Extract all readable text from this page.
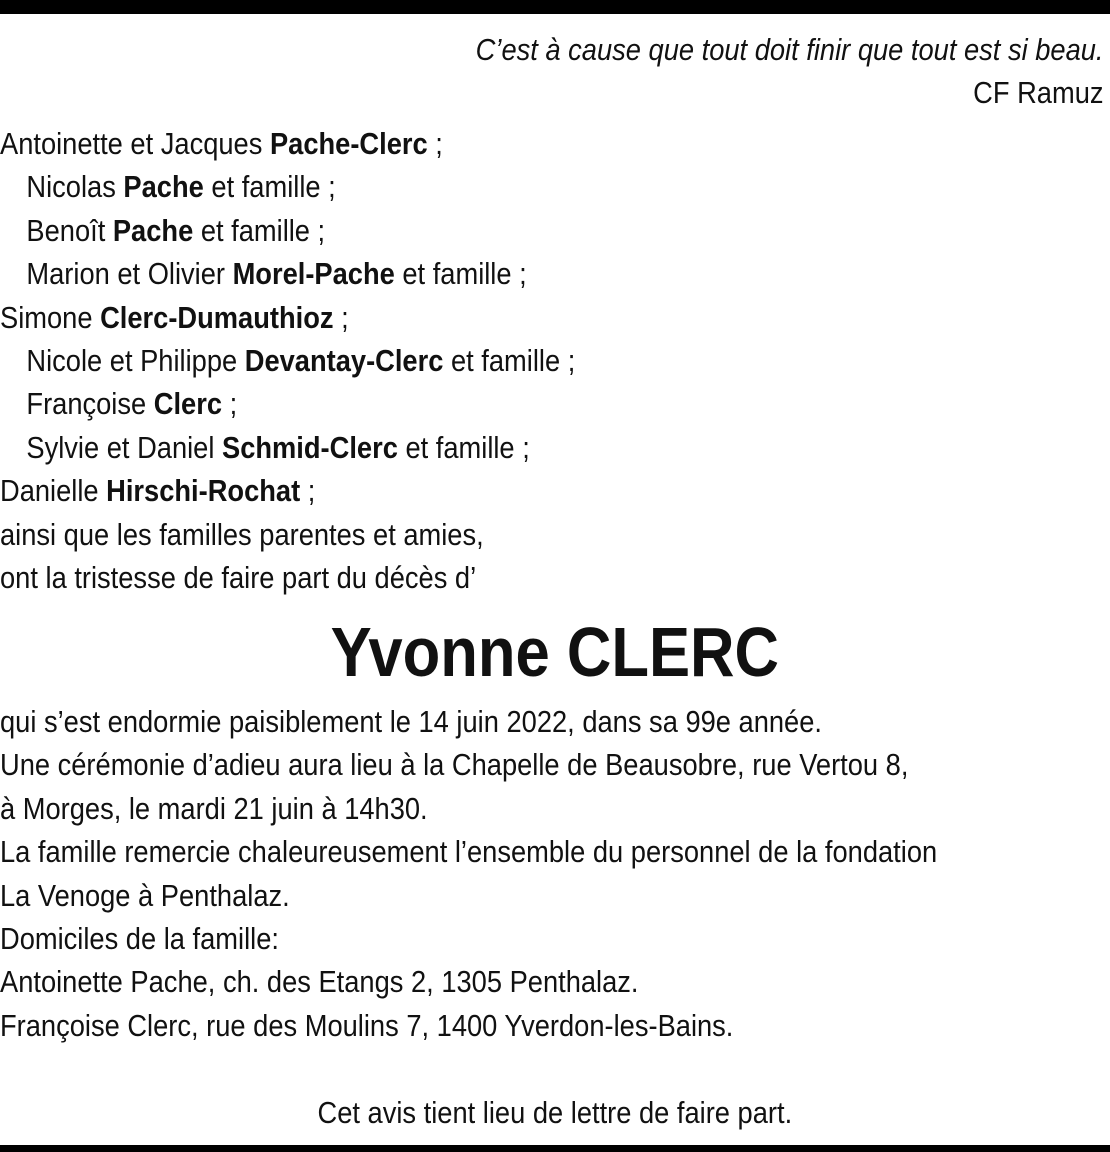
C’est à cause que tout doit finir que tout est si beau.
CF Ramuz
Antoinette et Jacques Pache-Clerc ;
Nicolas Pache et famille ;
Benoît Pache et famille ;
Marion et Olivier Morel-Pache et famille ;
Simone Clerc-Dumauthioz ;
Nicole et Philippe Devantay-Clerc et famille ;
Françoise Clerc ;
Sylvie et Daniel Schmid-Clerc et famille ;
Danielle Hirschi-Rochat ;
ainsi que les familles parentes et amies,
ont la tristesse de faire part du décès d’
Yvonne CLERC
qui s’est endormie paisiblement le 14 juin 2022, dans sa 99e année.
Une cérémonie d’adieu aura lieu à la Chapelle de Beausobre, rue Vertou 8,
à Morges, le mardi 21 juin à 14h30.
La famille remercie chaleureusement l’ensemble du personnel de la fondation
La Venoge à Penthalaz.
Domiciles de la famille:
Antoinette Pache, ch. des Etangs 2, 1305 Penthalaz.
Françoise Clerc, rue des Moulins 7, 1400 Yverdon-les-Bains.
Cet avis tient lieu de lettre de faire part.
